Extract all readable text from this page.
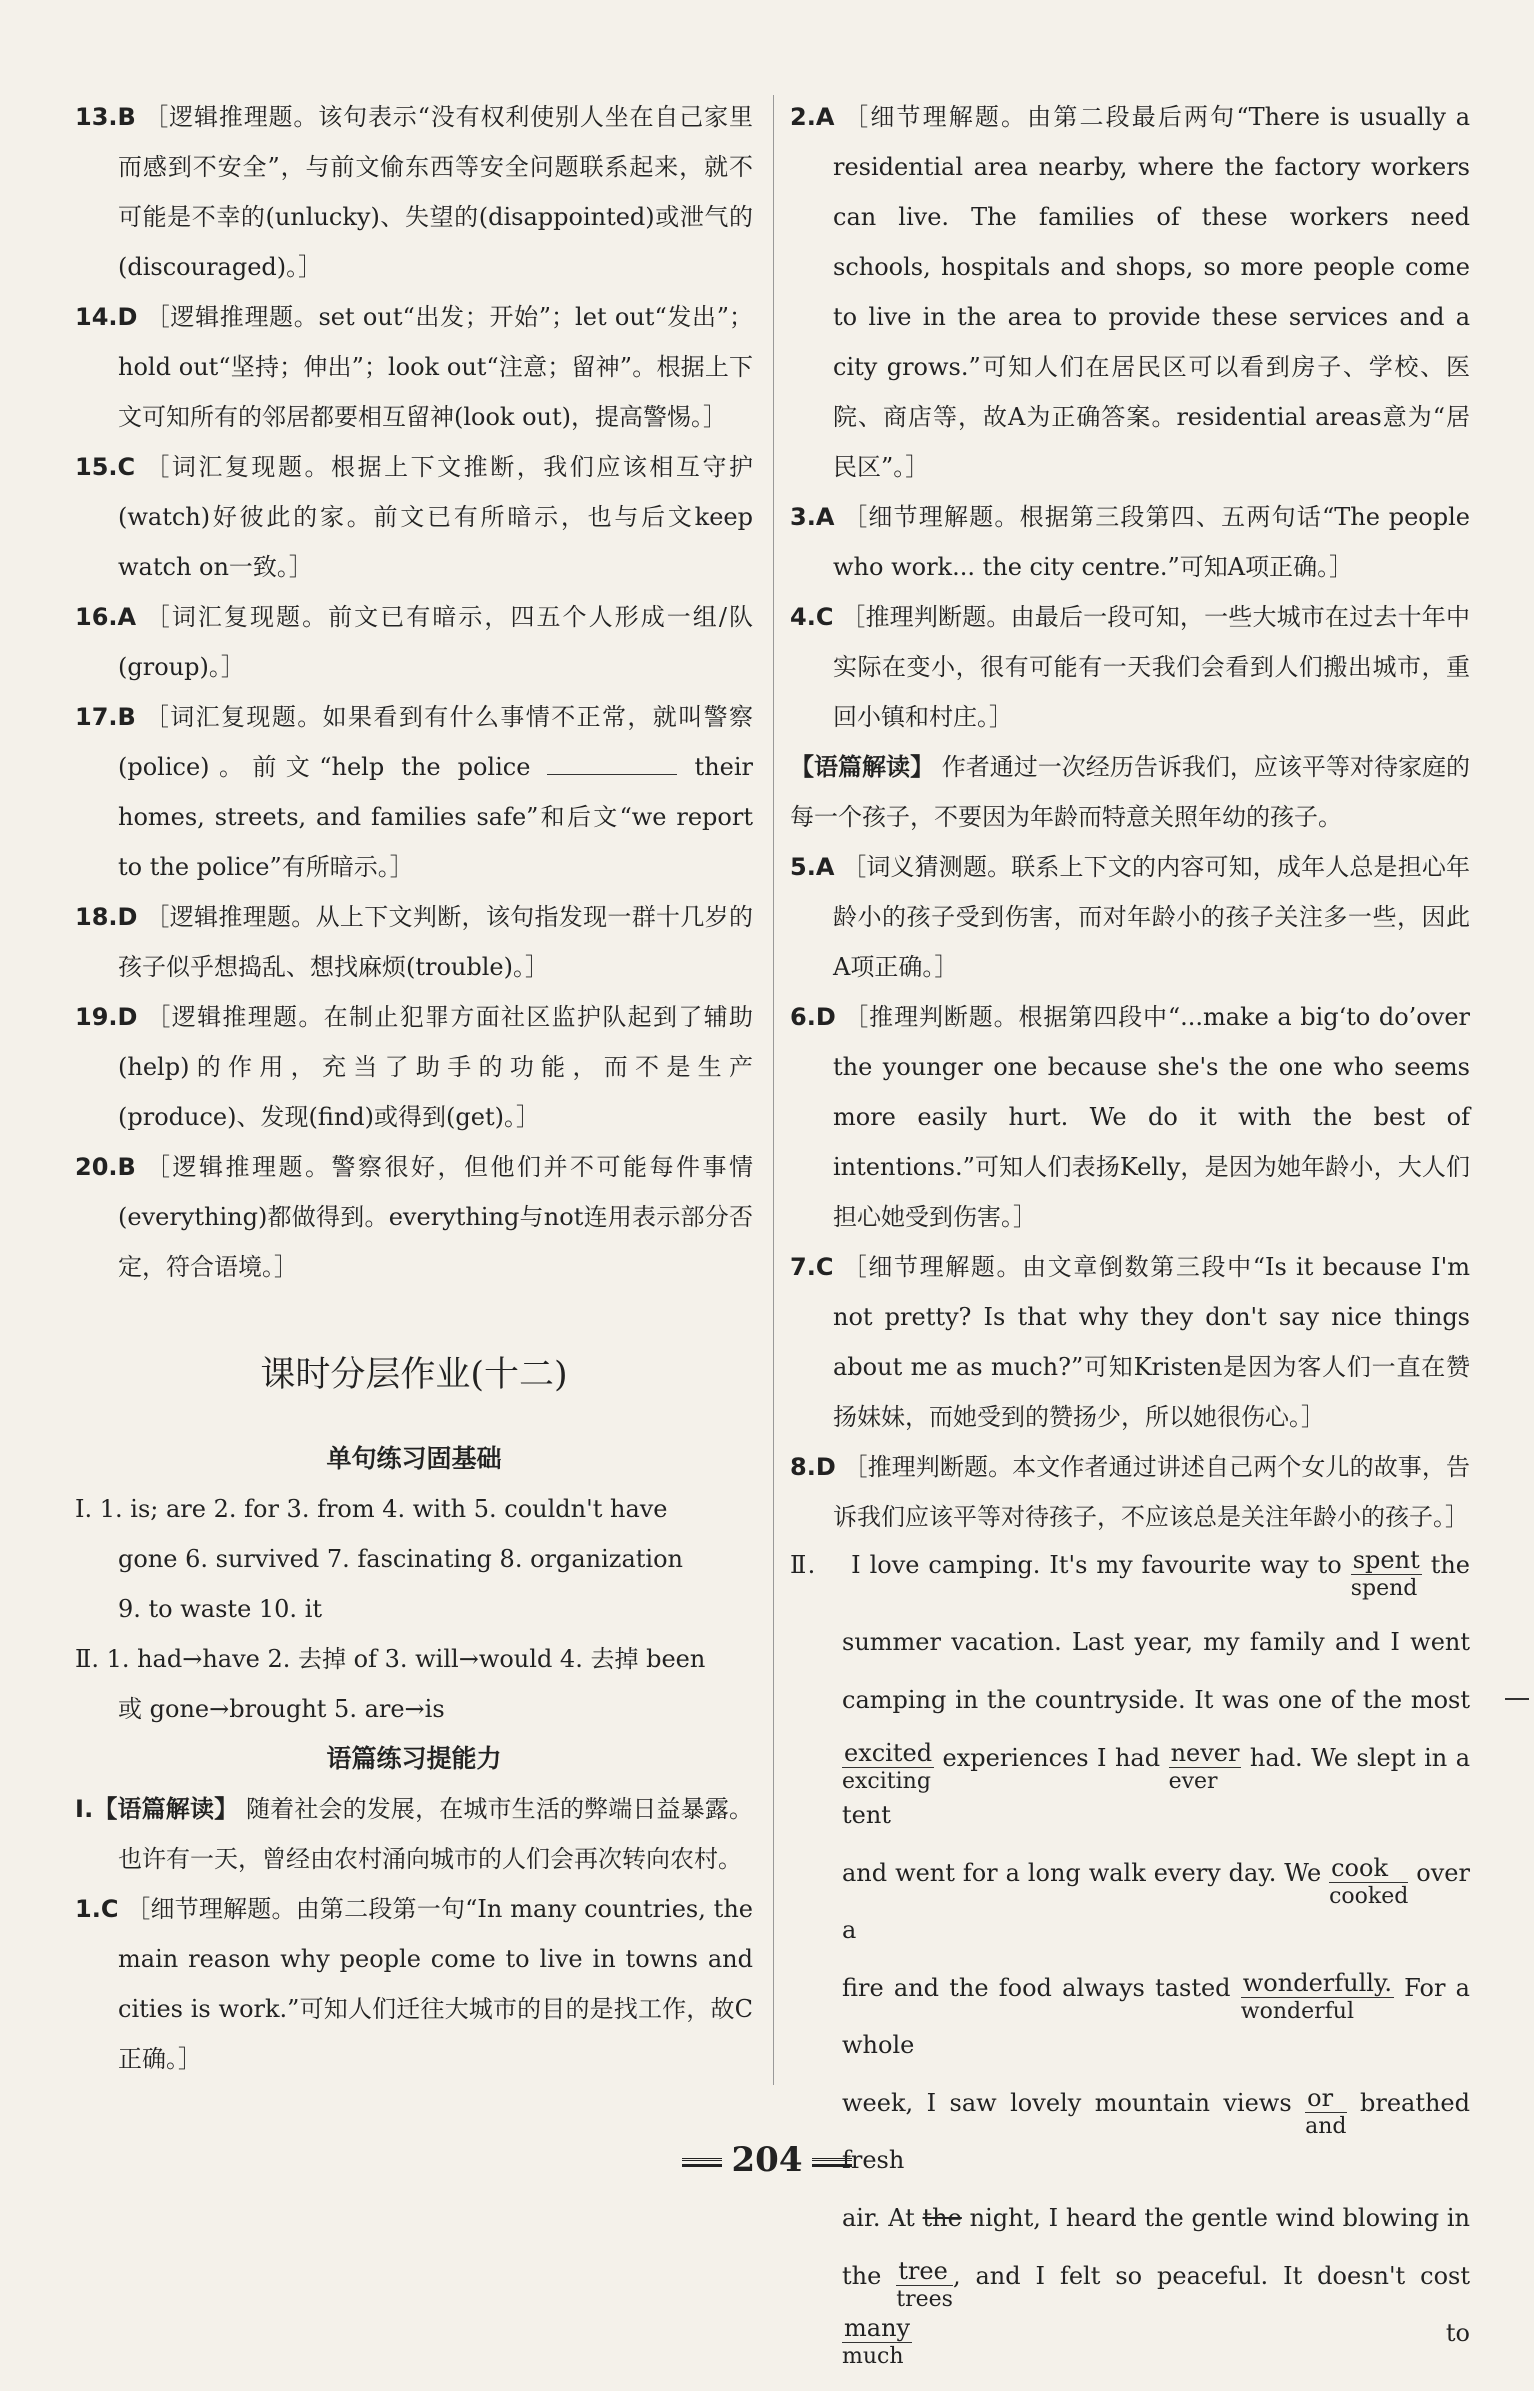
13.B ［逻辑推理题。该句表示“没有权利使别人坐在自己家里而感到不安全”，与前文偷东西等安全问题联系起来，就不可能是不幸的(unlucky)、失望的(disappointed)或泄气的(discouraged)。］

14.D ［逻辑推理题。set out“出发；开始”；let out“发出”；hold out“坚持；伸出”；look out“注意；留神”。根据上下文可知所有的邻居都要相互留神(look out)，提高警惕。］

15.C ［词汇复现题。根据上下文推断，我们应该相互守护(watch)好彼此的家。前文已有所暗示，也与后文keep watch on一致。］

16.A ［词汇复现题。前文已有暗示，四五个人形成一组/队(group)。］

17.B ［词汇复现题。如果看到有什么事情不正常，就叫警察(police)。前文“help the police	their homes, streets, and families safe”和后文“we report to the police”有所暗示。］

18.D ［逻辑推理题。从上下文判断，该句指发现一群十几岁的孩子似乎想捣乱、想找麻烦(trouble)。］

19.D ［逻辑推理题。在制止犯罪方面社区监护队起到了辅助(help)的作用，充当了助手的功能，而不是生产(produce)、发现(find)或得到(get)。］

20.B ［逻辑推理题。警察很好，但他们并不可能每件事情(everything)都做得到。everything与not连用表示部分否定，符合语境。］

课时分层作业(十二)

单句练习固基础

Ⅰ. 1. is; are 2. for 3. from 4. with 5. couldn't have

gone 6. survived 7. fascinating 8. organization

9. to waste 10. it

Ⅱ. 1. had→have 2. 去掉 of 3. will→would 4. 去掉 been

或 gone→brought 5. are→is

语篇练习提能力

Ⅰ.【语篇解读】 随着社会的发展，在城市生活的弊端日益暴露。也许有一天，曾经由农村涌向城市的人们会再次转向农村。

1.C ［细节理解题。由第二段第一句“In many countries, the main reason why people come to live in towns and cities is work.”可知人们迁往大城市的目的是找工作，故C正确。］

2.A ［细节理解题。由第二段最后两句“There is usually a residential area nearby, where the factory workers can live. The families of these workers need schools, hospitals and shops, so more people come to live in the area to provide these services and a city grows.”可知人们在居民区可以看到房子、学校、医院、商店等，故A为正确答案。residential areas意为“居民区”。］

3.A ［细节理解题。根据第三段第四、五两句话“The people who work... the city centre.”可知A项正确。］

4.C ［推理判断题。由最后一段可知，一些大城市在过去十年中实际在变小，很有可能有一天我们会看到人们搬出城市，重回小镇和村庄。］

【语篇解读】 作者通过一次经历告诉我们，应该平等对待家庭的每一个孩子，不要因为年龄而特意关照年幼的孩子。

5.A ［词义猜测题。联系上下文的内容可知，成年人总是担心年龄小的孩子受到伤害，而对年龄小的孩子关注多一些，因此A项正确。］

6.D ［推理判断题。根据第四段中“...make a big‘to do’over the younger one because she's the one who seems more easily hurt. We do it with the best of intentions.”可知人们表扬Kelly，是因为她年龄小，大人们担心她受到伤害。］

7.C ［细节理解题。由文章倒数第三段中“Is it because I'm not pretty? Is that why they don't say nice things about me as much?”可知Kristen是因为客人们一直在赞扬妹妹，而她受到的赞扬少，所以她很伤心。］

8.D ［推理判断题。本文作者通过讲述自己两个女儿的故事，告诉我们应该平等对待孩子，不应该总是关注年龄小的孩子。］

Ⅱ. I love camping. It's my favourite way to spent
spend
the

summer vacation. Last year, my family and I went

camping in the countryside. It was one of the most

excited
exciting
experiences I had never
ever
had. We slept in a tent

and went for a long walk every day. We cook
cooked
over a

fire and the food always tasted wonderfully.
wonderful
For a whole

week, I saw lovely mountain views or
and
breathed fresh

air. At the night, I heard the gentle wind blowing in

the tree
trees
, and I felt so peaceful. It doesn't cost
many
much
to

204
